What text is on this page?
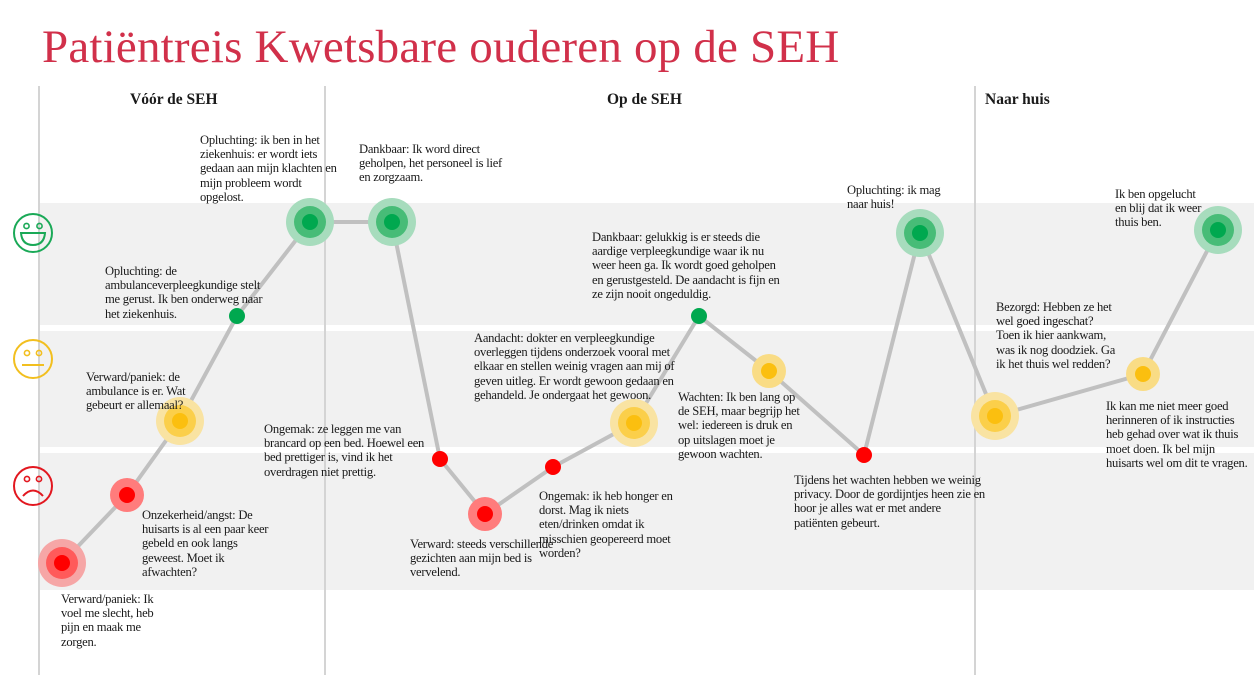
Patiëntreis Kwetsbare ouderen op de SEH
Vóór de SEH	Op de SEH	Naar huis
Verward/paniek: Ik voel me slecht, heb pijn en maak me zorgen.
Onzekerheid/angst: De huisarts is al een paar keer gebeld en ook langs geweest. Moet ik afwachten?
Verward/paniek: de ambulance is er. Wat gebeurt er allemaal?
Opluchting: de ambulanceverpleegkundige stelt me gerust. Ik ben onderweg naar het ziekenhuis.
Opluchting: ik ben in het ziekenhuis: er wordt iets gedaan aan mijn klachten en mijn probleem wordt opgelost.
Dankbaar: Ik word direct geholpen, het personeel is lief en zorgzaam.
Ongemak: ze leggen me van brancard op een bed. Hoewel een bed prettiger is, vind ik het overdragen niet prettig.
Verward: steeds verschillende gezichten aan mijn bed is vervelend.
Ongemak: ik heb honger en dorst. Mag ik niets eten/drinken omdat ik misschien geopereerd moet worden?
Aandacht: dokter en verpleegkundige overleggen tijdens onderzoek vooral met elkaar en stellen weinig vragen aan mij of geven uitleg. Er wordt gewoon gedaan en gehandeld. Je ondergaat het gewoon.
Dankbaar: gelukkig is er steeds die aardige verpleegkundige waar ik nu weer heen ga. Ik wordt goed geholpen en gerustgesteld. De aandacht is fijn en ze zijn nooit ongeduldig.
Wachten: Ik ben lang op de SEH, maar begrijp het wel: iedereen is druk en op uitslagen moet je gewoon wachten.
Tijdens het wachten hebben we weinig privacy. Door de gordijntjes heen zie en hoor je alles wat er met andere patiënten gebeurt.
Opluchting: ik mag naar huis!
Bezorgd: Hebben ze het wel goed ingeschat? Toen ik hier aankwam, was ik nog doodziek. Ga ik het thuis wel redden?
Ik kan me niet meer goed herinneren of ik instructies heb gehad over wat ik thuis moet doen. Ik bel mijn huisarts wel om dit te vragen.
Ik ben opgelucht en blij dat ik weer thuis ben.
